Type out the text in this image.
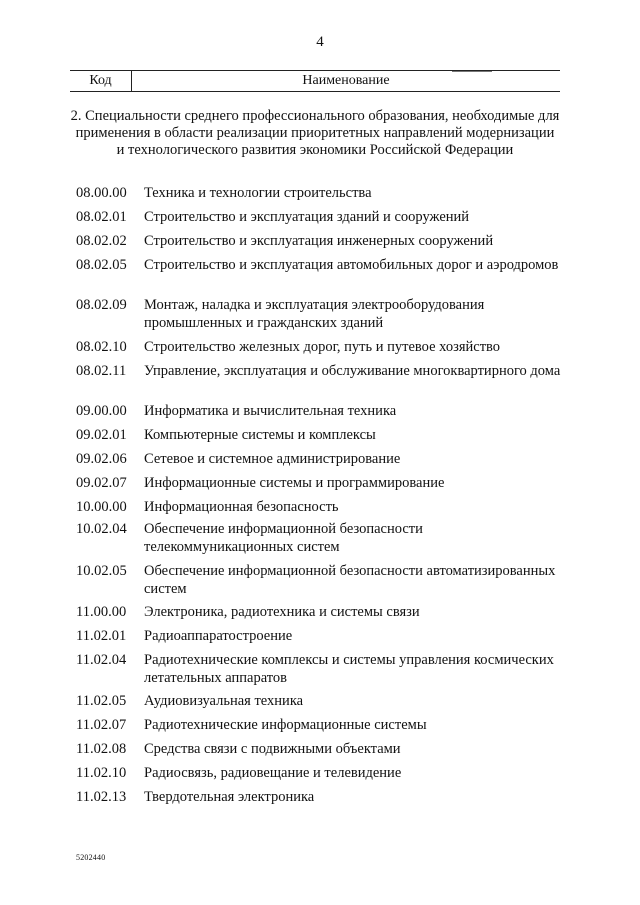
4
Код	Наименование
2. Специальности среднего профессионального образования, необходимые для применения в области реализации приоритетных направлений модернизации и технологического развития экономики Российской Федерации
08.00.00	Техника и технологии строительства
08.02.01	Строительство и эксплуатация зданий и сооружений
08.02.02	Строительство и эксплуатация инженерных сооружений
08.02.05	Строительство и эксплуатация автомобильных дорог и аэродромов
08.02.09	Монтаж, наладка и эксплуатация электрооборудования промышленных и гражданских зданий
08.02.10	Строительство железных дорог, путь и путевое хозяйство
08.02.11	Управление, эксплуатация и обслуживание многоквартирного дома
09.00.00	Информатика и вычислительная техника
09.02.01	Компьютерные системы и комплексы
09.02.06	Сетевое и системное администрирование
09.02.07	Информационные системы и программирование
10.00.00	Информационная безопасность
10.02.04	Обеспечение информационной безопасности телекоммуникационных систем
10.02.05	Обеспечение информационной безопасности автоматизированных систем
11.00.00	Электроника, радиотехника и системы связи
11.02.01	Радиоаппаратостроение
11.02.04	Радиотехнические комплексы и системы управления космических летательных аппаратов
11.02.05	Аудиовизуальная техника
11.02.07	Радиотехнические информационные системы
11.02.08	Средства связи с подвижными объектами
11.02.10	Радиосвязь, радиовещание и телевидение
11.02.13	Твердотельная электроника
5202440
